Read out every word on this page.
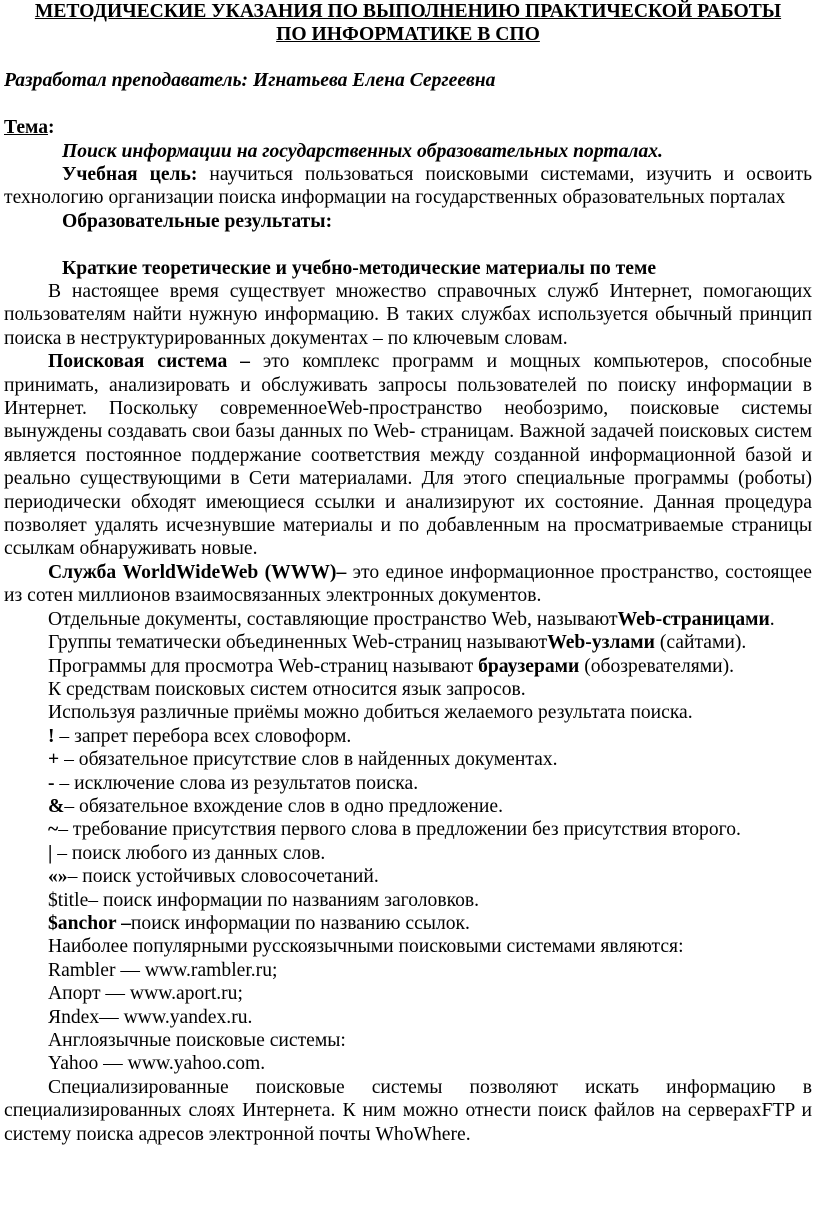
МЕТОДИЧЕСКИЕ УКАЗАНИЯ ПО ВЫПОЛНЕНИЮ ПРАКТИЧЕСКОЙ РАБОТЫ

ПО ИНФОРМАТИКЕ В СПО

Разработал преподаватель: Игнатьева Елена Сергеевна

Тема:

Поиск информации на государственных образовательных порталах.

Учебная цель: научиться пользоваться поисковыми системами, изучить и освоить технологию организации поиска информации на государственных образовательных порталах

Образовательные результаты:

Краткие теоретические и учебно-методические материалы по теме

В настоящее время существует множество справочных служб Интернет, помогающих пользователям найти нужную информацию. В таких службах используется обычный принцип поиска в неструктурированных документах – по ключевым словам.

Поисковая система – это комплекс программ и мощных компьютеров, способные принимать, анализировать и обслуживать запросы пользователей по поиску информации в Интернет. Поскольку современноеWeb-пространство необозримо, поисковые системы вынуждены создавать свои базы данных по Web- страницам. Важной задачей поисковых систем является постоянное поддержание соответствия между созданной информационной базой и реально существующими в Сети материалами. Для этого специальные программы (роботы) периодически обходят имеющиеся ссылки и анализируют их состояние. Данная процедура позволяет удалять исчезнувшие материалы и по добавленным на просматриваемые страницы ссылкам обнаруживать новые.

Служба WorldWideWeb (WWW)– это единое информационное пространство, состоящее из сотен миллионов взаимосвязанных электронных документов.

Отдельные документы, составляющие пространство Web, называютWeb-страницами.

Группы тематически объединенных Web-страниц называютWeb-узлами (сайтами).

Программы для просмотра Web-страниц называют браузерами (обозревателями).

К средствам поисковых систем относится язык запросов.

Используя различные приёмы можно добиться желаемого результата поиска.

! – запрет перебора всех словоформ.

+ – обязательное присутствие слов в найденных документах.

- – исключение слова из результатов поиска.

&– обязательное вхождение слов в одно предложение.

~– требование присутствия первого слова в предложении без присутствия второго.

| – поиск любого из данных слов.

«»– поиск устойчивых словосочетаний.

$title– поиск информации по названиям заголовков.

$anchor –поиск информации по названию ссылок.

Наиболее популярными русскоязычными поисковыми системами являются:

Rambler — www.rambler.ru;

Апорт — www.aport.ru;

Яndex— www.yandex.ru.

Англоязычные поисковые системы:

Yahoo — www.yahoo.com.

Специализированные поисковые системы позволяют искать информацию в специализированных слоях Интернета. К ним можно отнести поиск файлов на серверахFTP и систему поиска адресов электронной почты WhoWhere.
